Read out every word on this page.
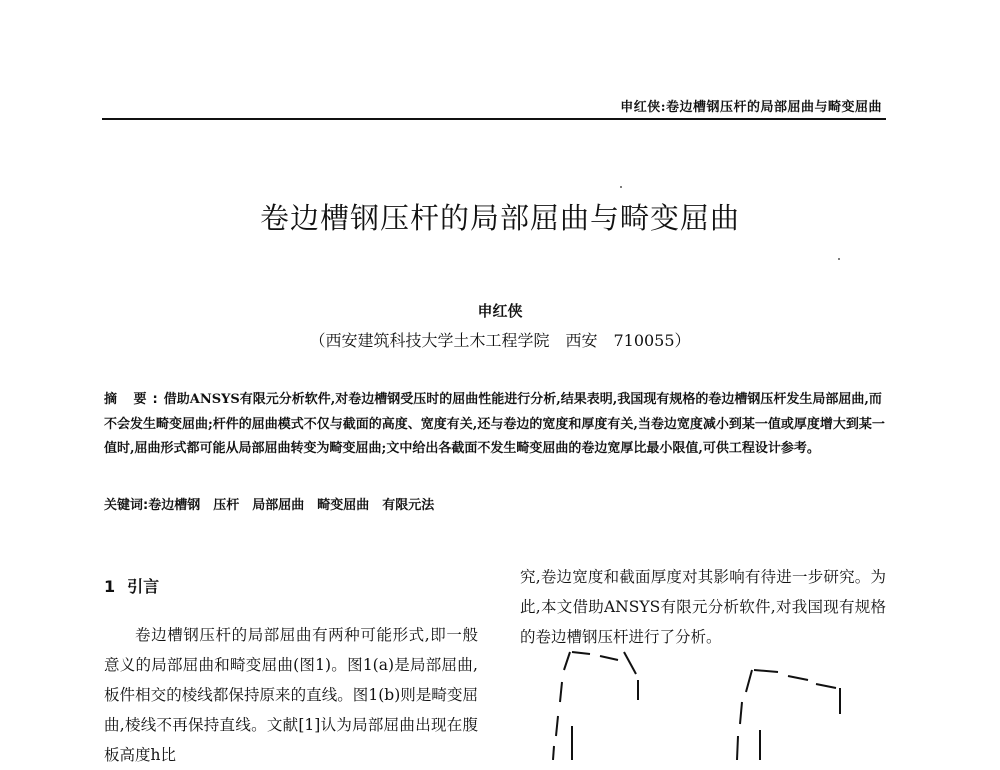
申红侠:卷边槽钢压杆的局部屈曲与畸变屈曲
卷边槽钢压杆的局部屈曲与畸变屈曲
申红侠
（西安建筑科技大学土木工程学院　西安　710055）
摘 要:借助ANSYS有限元分析软件,对卷边槽钢受压时的屈曲性能进行分析,结果表明,我国现有规格的卷边槽钢压杆发生局部屈曲,而不会发生畸变屈曲;杆件的屈曲模式不仅与截面的高度、宽度有关,还与卷边的宽度和厚度有关,当卷边宽度减小到某一值或厚度增大到某一值时,屈曲形式都可能从局部屈曲转变为畸变屈曲;文中给出各截面不发生畸变屈曲的卷边宽厚比最小限值,可供工程设计参考。
关键词:卷边槽钢　压杆　局部屈曲　畸变屈曲　有限元法
1 引言

卷边槽钢压杆的局部屈曲有两种可能形式,即一般意义的局部屈曲和畸变屈曲(图1)。图1(a)是局部屈曲,板件相交的棱线都保持原来的直线。图1(b)则是畸变屈曲,棱线不再保持直线。文献[1]认为局部屈曲出现在腹板高度h比

究,卷边宽度和截面厚度对其影响有待进一步研究。为此,本文借助ANSYS有限元分析软件,对我国现有规格的卷边槽钢压杆进行了分析。
